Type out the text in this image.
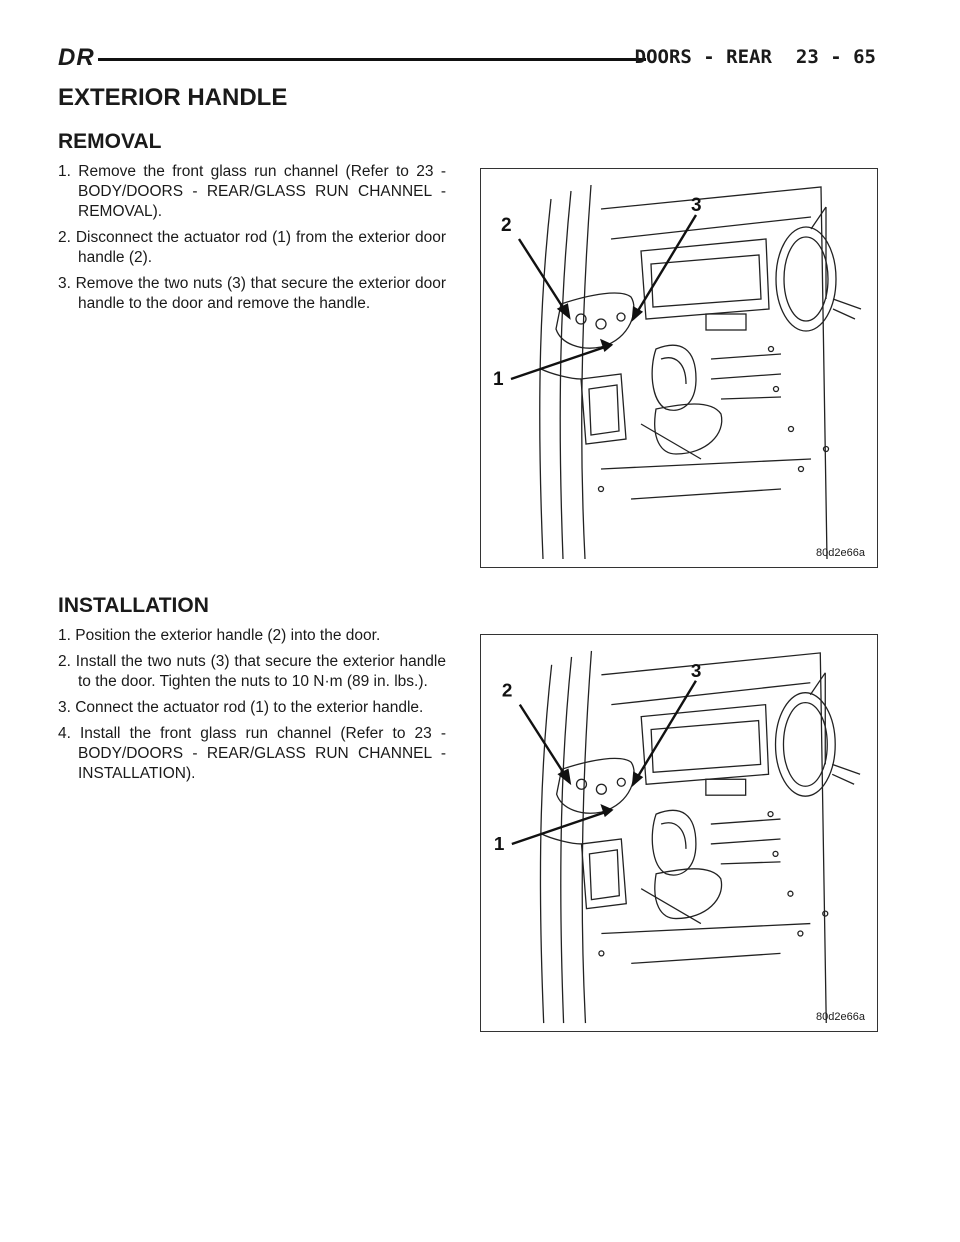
DR	DOORS - REAR 23 - 65
EXTERIOR HANDLE
REMOVAL
1. Remove the front glass run channel (Refer to 23 - BODY/DOORS - REAR/GLASS RUN CHANNEL - REMOVAL).
2. Disconnect the actuator rod (1) from the exterior door handle (2).
3. Remove the two nuts (3) that secure the exterior door handle to the door and remove the handle.
2
3
1
80d2e66a
INSTALLATION
1. Position the exterior handle (2) into the door.
2. Install the two nuts (3) that secure the exterior handle to the door. Tighten the nuts to 10 N·m (89 in. lbs.).
3. Connect the actuator rod (1) to the exterior handle.
4. Install the front glass run channel (Refer to 23 - BODY/DOORS - REAR/GLASS RUN CHANNEL - INSTALLATION).
2
3
1
80d2e66a
